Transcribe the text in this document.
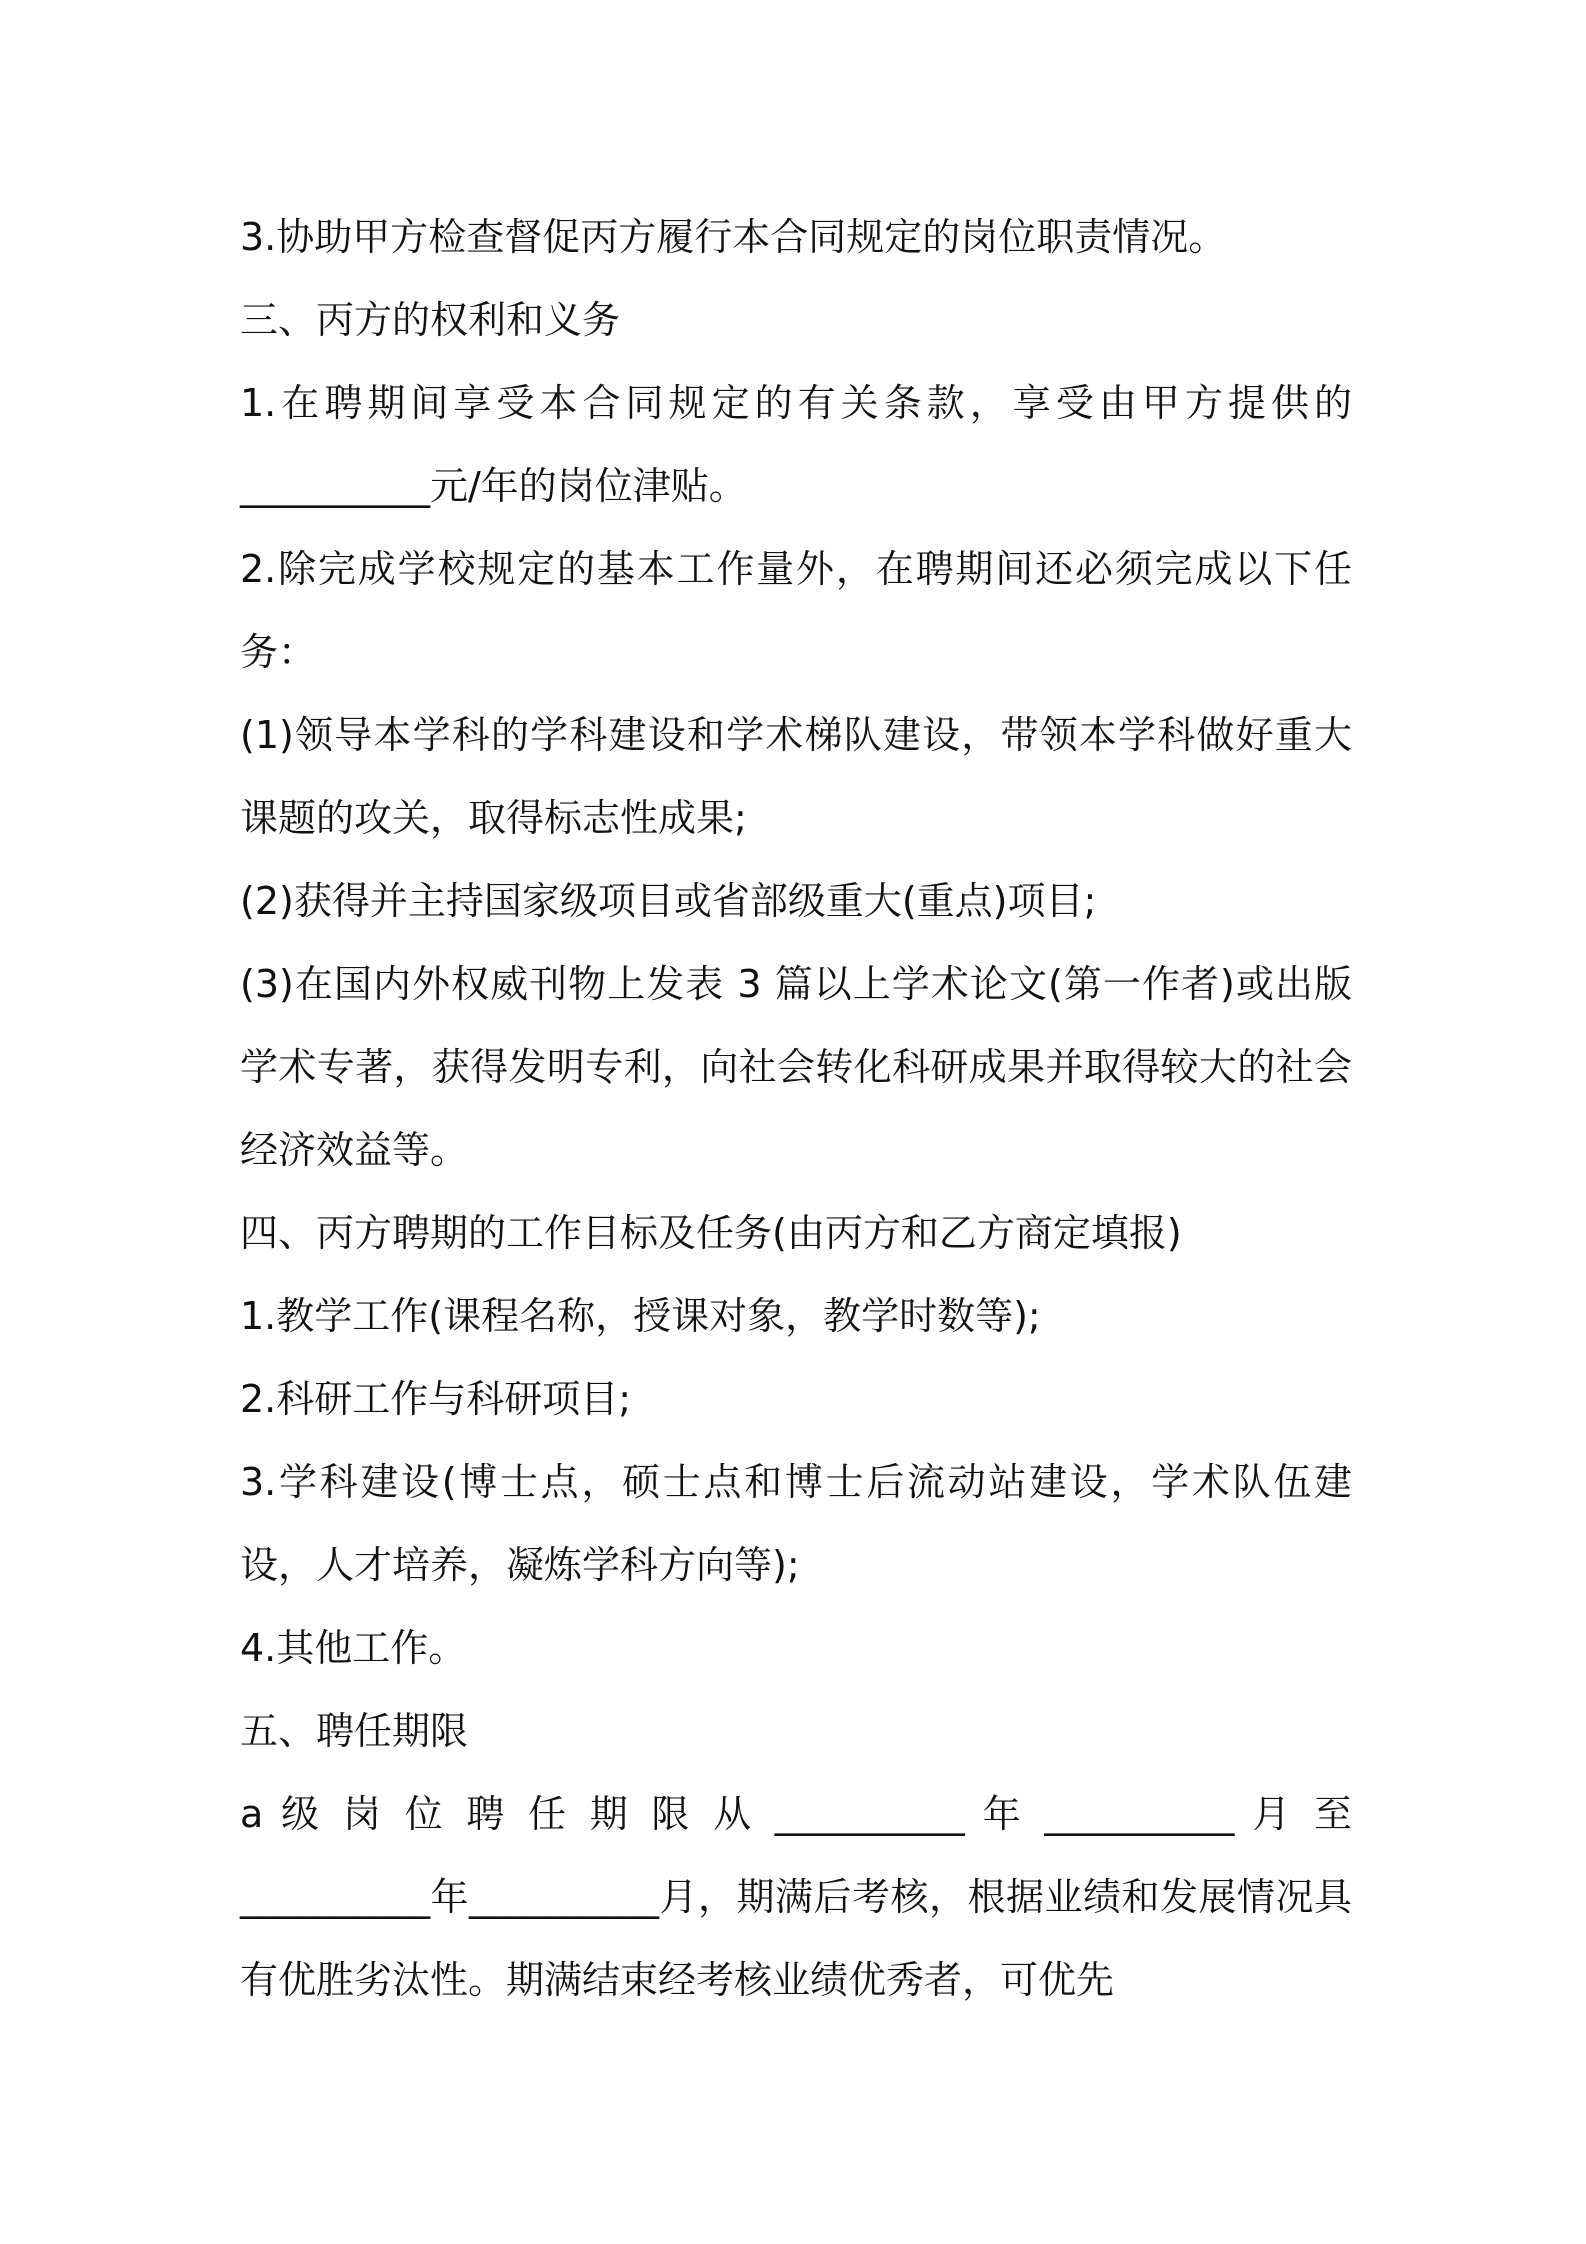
3.协助甲方检查督促丙方履行本合同规定的岗位职责情况。

三、丙方的权利和义务

1.在聘期间享受本合同规定的有关条款，享受由甲方提供的__________元/年的岗位津贴。

2.除完成学校规定的基本工作量外，在聘期间还必须完成以下任务：

(1)领导本学科的学科建设和学术梯队建设，带领本学科做好重大课题的攻关，取得标志性成果;

(2)获得并主持国家级项目或省部级重大(重点)项目;

(3)在国内外权威刊物上发表 3 篇以上学术论文(第一作者)或出版学术专著，获得发明专利，向社会转化科研成果并取得较大的社会经济效益等。

四、丙方聘期的工作目标及任务(由丙方和乙方商定填报)

1.教学工作(课程名称，授课对象，教学时数等);

2.科研工作与科研项目;

3.学科建设(博士点，硕士点和博士后流动站建设，学术队伍建设，人才培养，凝炼学科方向等);

4.其他工作。

五、聘任期限

a 级 岗 位 聘 任 期 限 从 __________ 年 __________ 月 至 __________年__________月，期满后考核，根据业绩和发展情况具有优胜劣汰性。期满结束经考核业绩优秀者，可优先
